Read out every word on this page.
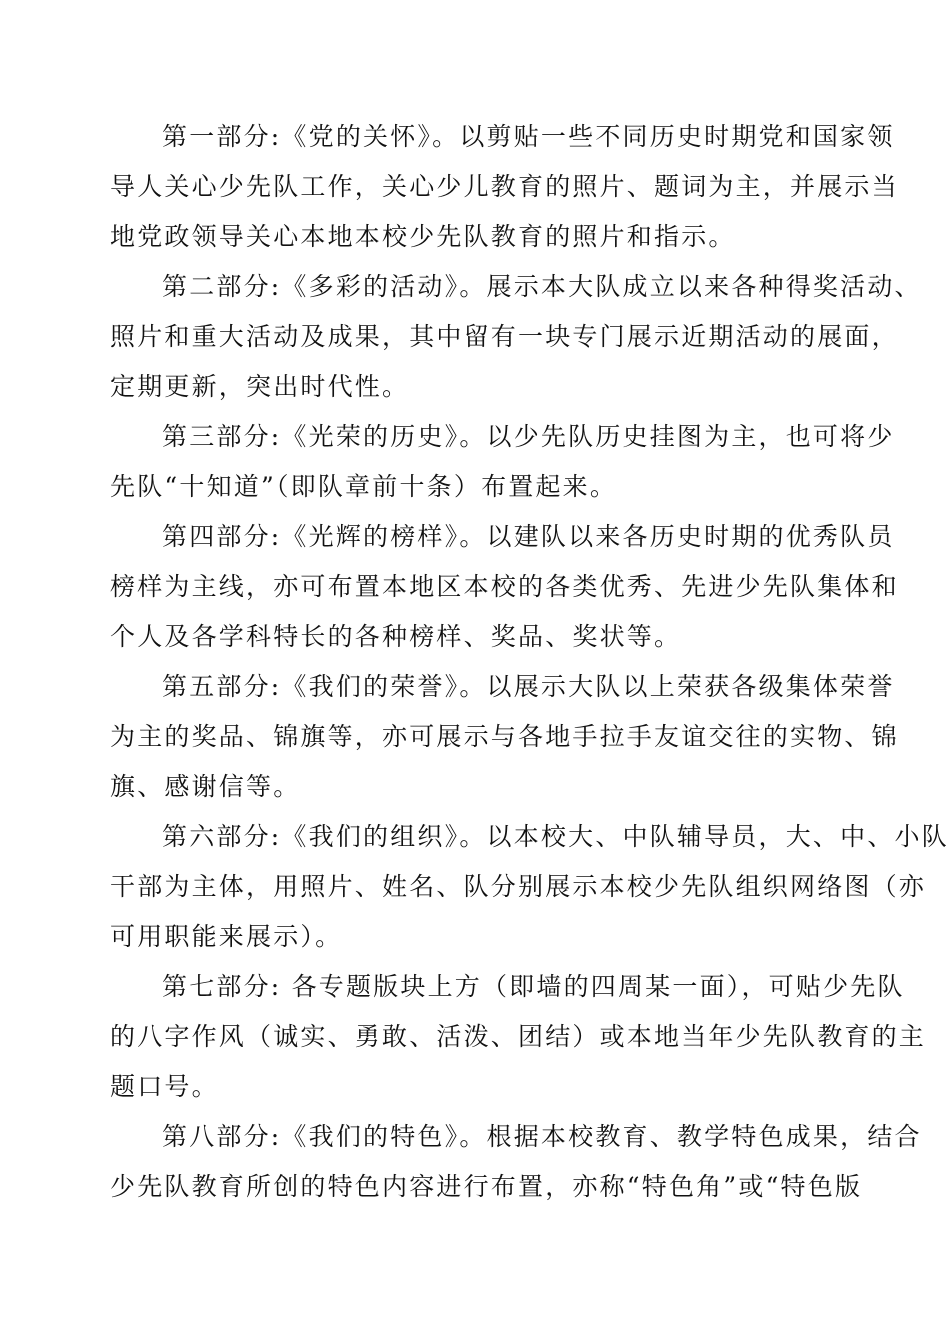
第一部分:《党的关怀》。以剪贴一些不同历史时期党和国家领
导人关心少先队工作，关心少儿教育的照片、题词为主，并展示当
地党政领导关心本地本校少先队教育的照片和指示。

第二部分:《多彩的活动》。展示本大队成立以来各种得奖活动、
照片和重大活动及成果，其中留有一块专门展示近期活动的展面，
定期更新，突出时代性。

第三部分:《光荣的历史》。以少先队历史挂图为主，也可将少
先队“十知道”（即队章前十条）布置起来。

第四部分:《光辉的榜样》。以建队以来各历史时期的优秀队员
榜样为主线，亦可布置本地区本校的各类优秀、先进少先队集体和
个人及各学科特长的各种榜样、奖品、奖状等。

第五部分:《我们的荣誉》。以展示大队以上荣获各级集体荣誉
为主的奖品、锦旗等，亦可展示与各地手拉手友谊交往的实物、锦
旗、感谢信等。

第六部分:《我们的组织》。以本校大、中队辅导员，大、中、小队
干部为主体，用照片、姓名、队分别展示本校少先队组织网络图（亦
可用职能来展示）。

第七部分: 各专题版块上方（即墙的四周某一面），可贴少先队
的八字作风（诚实、勇敢、活泼、团结）或本地当年少先队教育的主
题口号。

第八部分:《我们的特色》。根据本校教育、教学特色成果，结合
少先队教育所创的特色内容进行布置，亦称“特色角”或“特色版
